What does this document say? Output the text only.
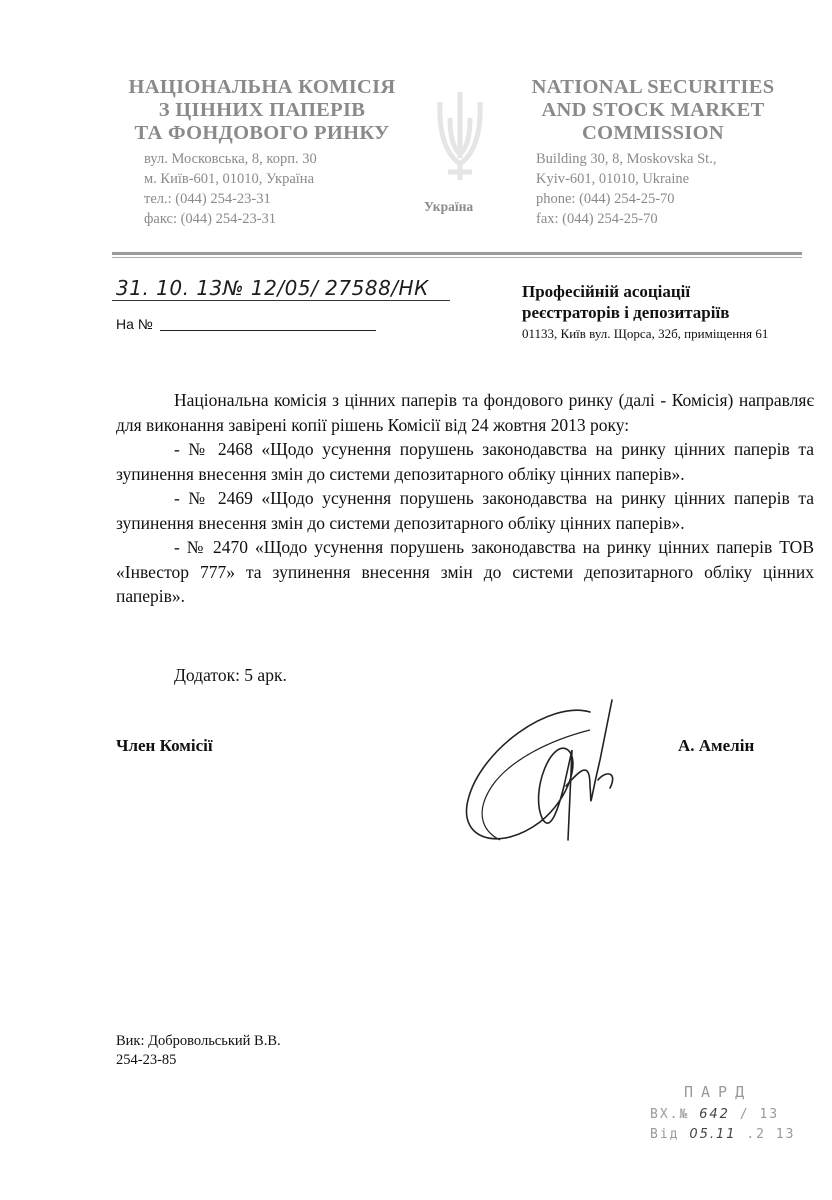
НАЦІОНАЛЬНА КОМІСІЯ
З ЦІННИХ ПАПЕРІВ
ТА ФОНДОВОГО РИНКУ
вул. Московська, 8, корп. 30
м. Київ-601, 01010, Україна
тел.: (044) 254-23-31
факс: (044) 254-23-31
Україна
NATIONAL SECURITIES
AND STOCK MARKET
COMMISSION
Building 30, 8, Moskovska St.,
Kyiv-601, 01010, Ukraine
phone: (044) 254-25-70
fax: (044) 254-25-70
31. 10. 13№ 12/05/ 27588/НК
На №
Професійній асоціації
реєстраторів і депозитаріїв
01133, Київ вул. Щорса, 32б, приміщення 61

Національна комісія з цінних паперів та фондового ринку (далі - Комісія) направляє для виконання завірені копії рішень Комісії від 24 жовтня 2013 року:

- № 2468 «Щодо усунення порушень законодавства на ринку цінних паперів та зупинення внесення змін до системи депозитарного обліку цінних паперів».

- № 2469 «Щодо усунення порушень законодавства на ринку цінних паперів та зупинення внесення змін до системи депозитарного обліку цінних паперів».

- № 2470 «Щодо усунення порушень законодавства на ринку цінних паперів ТОВ «Інвестор 777» та зупинення внесення змін до системи депозитарного обліку цінних паперів».

Додаток: 5 арк.
Член Комісії	А. Амелін
Вик: Добровольський В.В.
254-23-85
ПАРД
ВХ.№ 642 / 13
Від 05.11 .2 13
